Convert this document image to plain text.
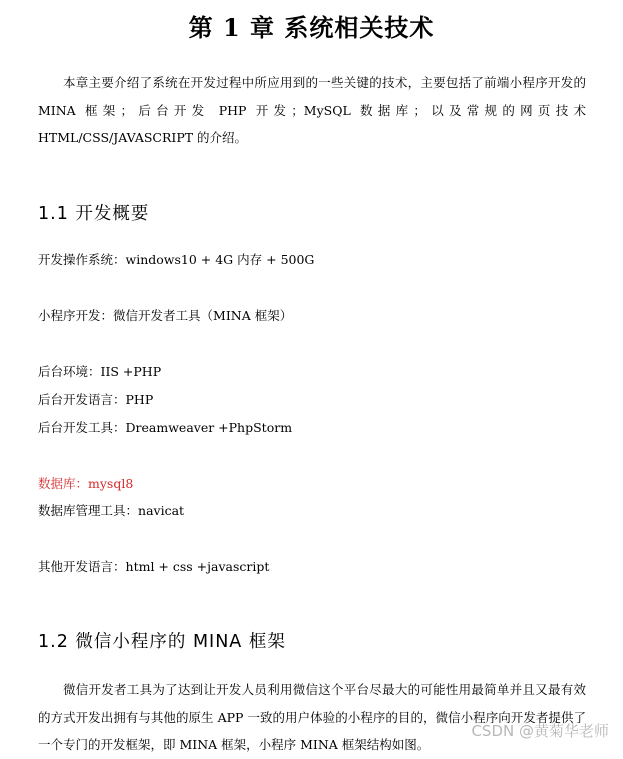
第 1 章 系统相关技术
本章主要介绍了系统在开发过程中所应用到的一些关键的技术，主要包括了前端小程序开发的MINA 框架；后台开发 PHP 开发；MySQL 数据库；以及常规的网页技术 HTML/CSS/JAVASCRIPT 的介绍。
1.1 开发概要
开发操作系统：windows10 + 4G 内存 + 500G
小程序开发：微信开发者工具（MINA 框架）
后台环境：IIS +PHP
后台开发语言：PHP
后台开发工具：Dreamweaver +PhpStorm
数据库：mysql8
数据库管理工具：navicat
其他开发语言：html + css +javascript
1.2 微信小程序的 MINA 框架
微信开发者工具为了达到让开发人员利用微信这个平台尽最大的可能性用最简单并且又最有效的方式开发出拥有与其他的原生 APP 一致的用户体验的小程序的目的，微信小程序向开发者提供了一个专门的开发框架，即 MINA 框架，小程序 MINA 框架结构如图。
CSDN @黄菊华老师
